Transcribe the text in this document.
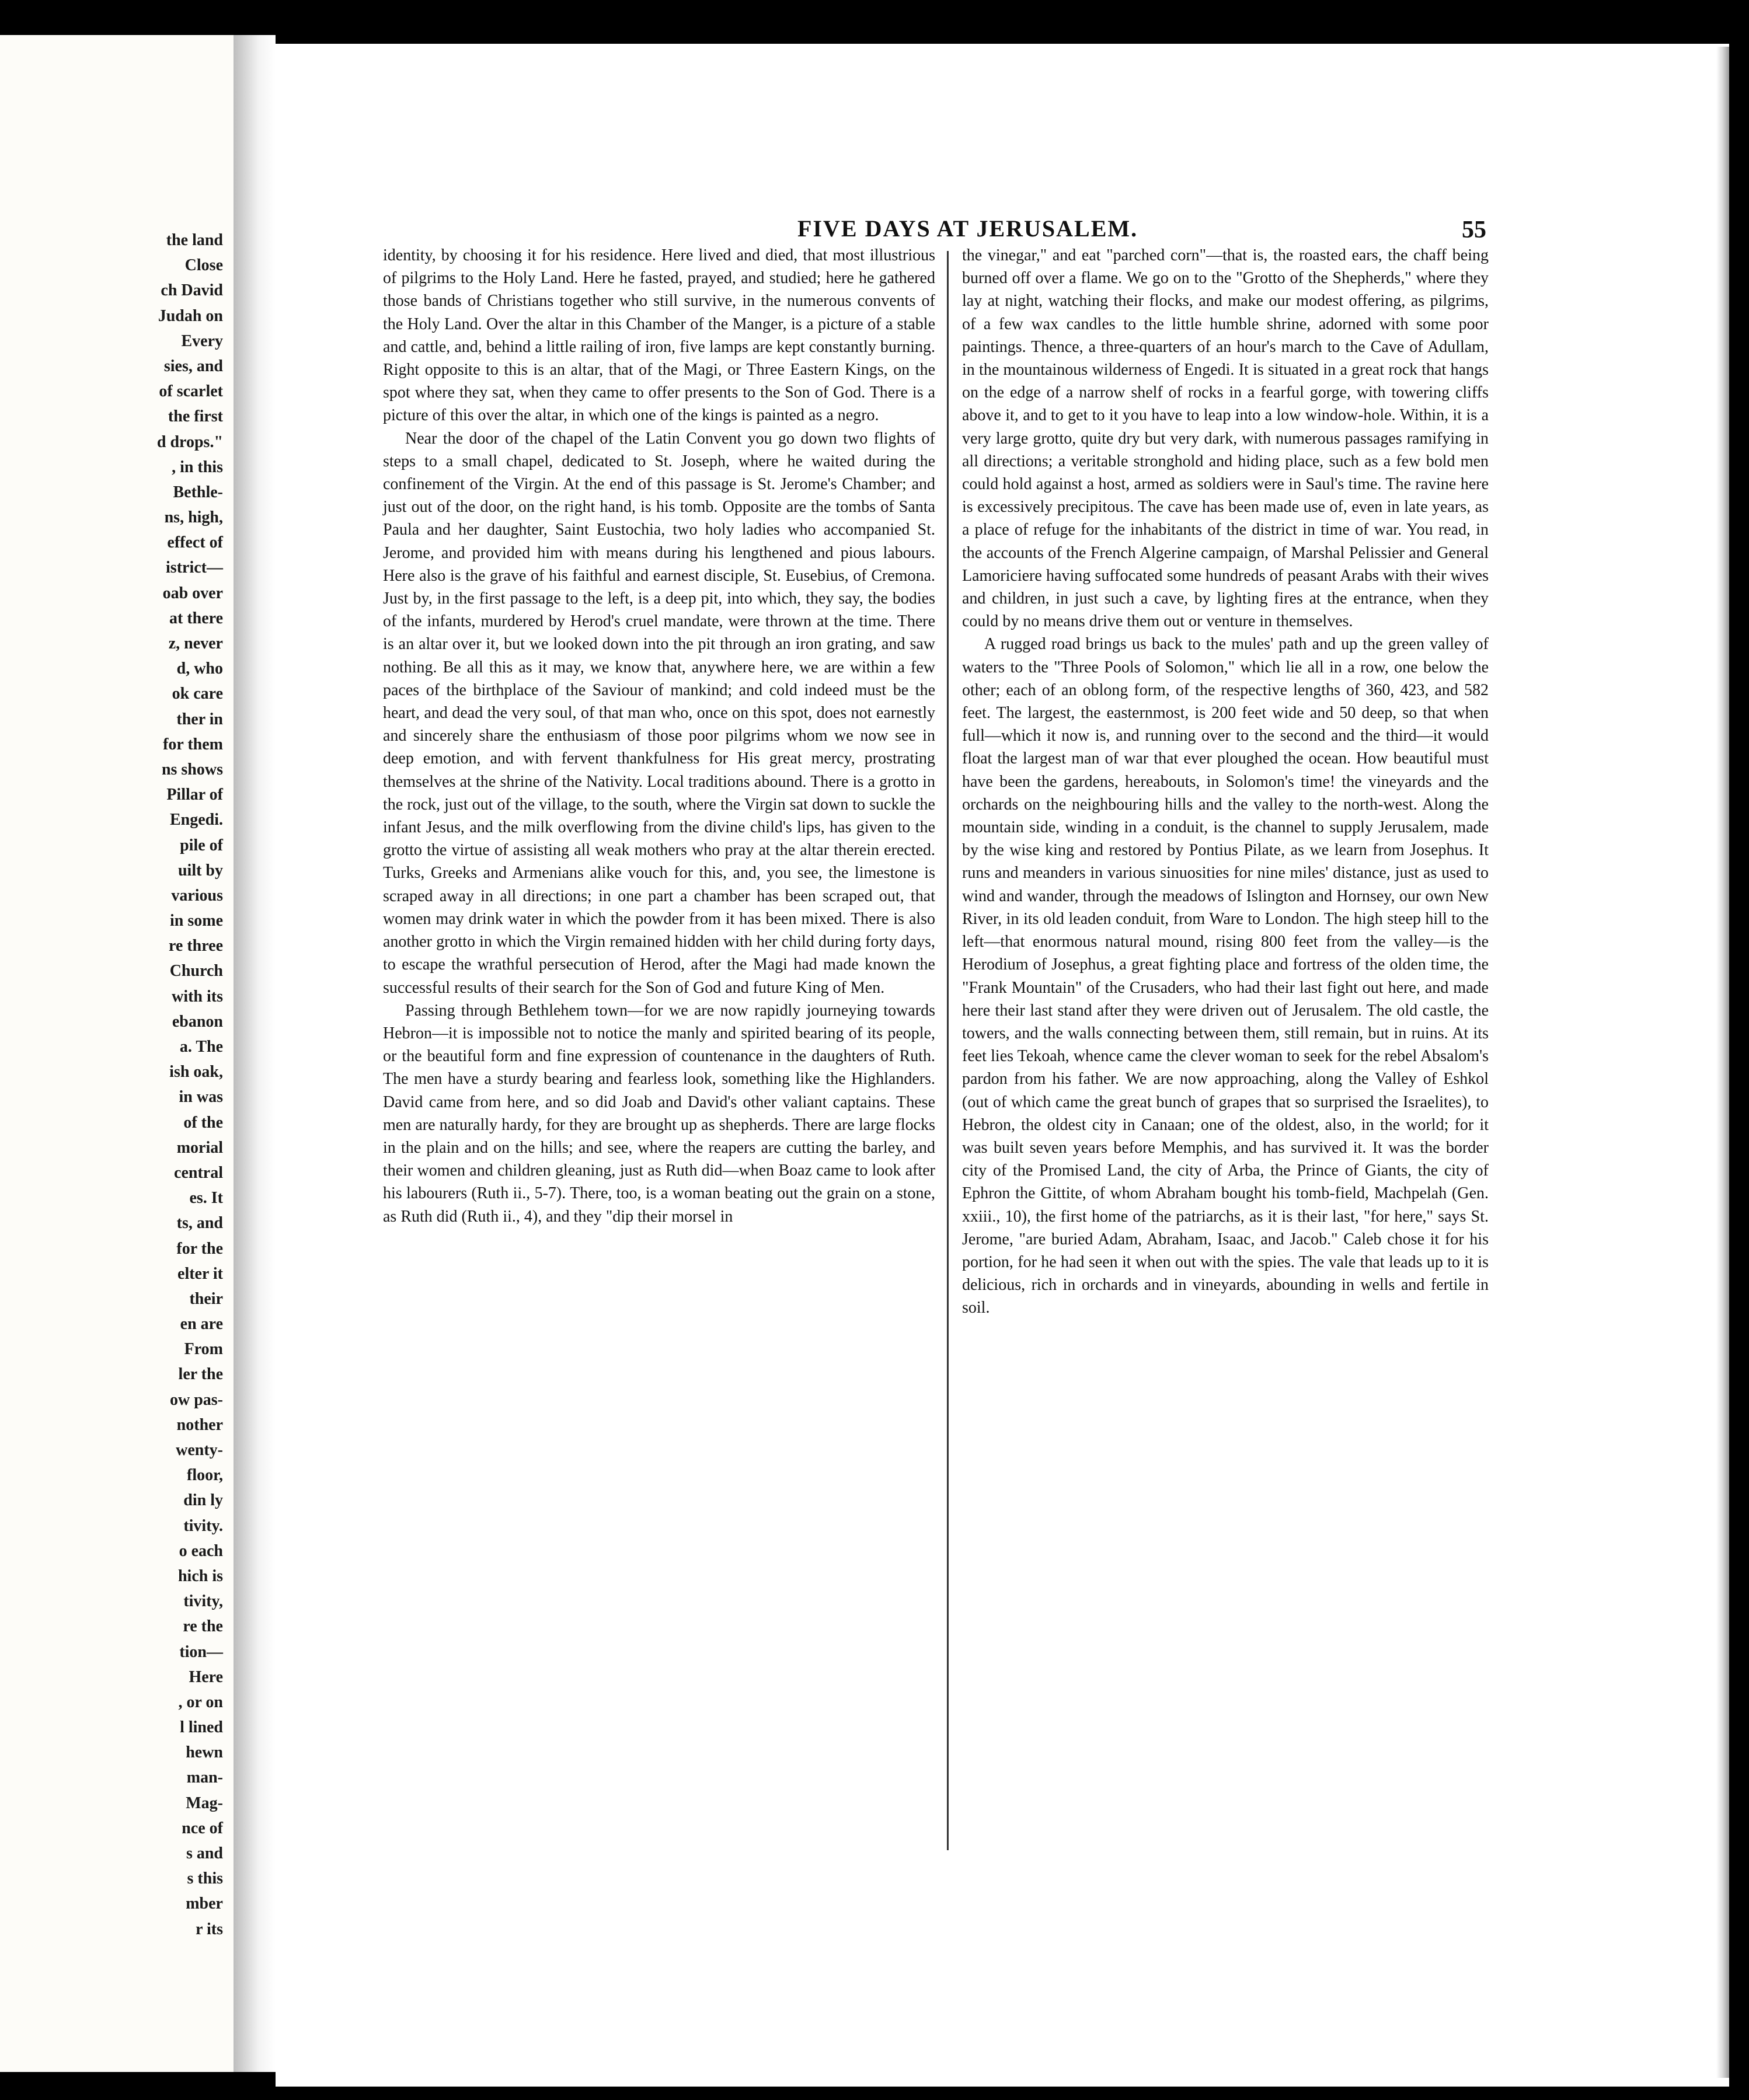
the land
Close
ch David
Judah on
Every
sies, and
of scarlet
the first
d drops."
, in this
Bethle-
ns, high,
effect of
istrict—
oab over
at there
z, never
d, who
ok care
ther in
for them
ns shows
Pillar of
Engedi.
pile of
uilt by
various
in some
re three
Church
with its
ebanon
a. The
ish oak,
in was
of the
morial
central
es. It
ts, and
for the
elter it
their
en are
From
ler the
ow pas-
nother
wenty-
floor,
din ly
tivity.
o each
hich is
tivity,
re the
tion—
Here
, or on
l lined
hewn
man-
Mag-
nce of
s and
s this
mber
r its
FIVE DAYS AT JERUSALEM.	55

identity, by choosing it for his residence. Here lived and died, that most illustrious of pilgrims to the Holy Land. Here he fasted, prayed, and studied; here he gathered those bands of Christians together who still survive, in the numerous convents of the Holy Land. Over the altar in this Chamber of the Manger, is a picture of a stable and cattle, and, behind a little railing of iron, five lamps are kept constantly burning. Right opposite to this is an altar, that of the Magi, or Three Eastern Kings, on the spot where they sat, when they came to offer presents to the Son of God. There is a picture of this over the altar, in which one of the kings is painted as a negro.

Near the door of the chapel of the Latin Convent you go down two flights of steps to a small chapel, dedicated to St. Joseph, where he waited during the confinement of the Virgin. At the end of this passage is St. Jerome's Chamber; and just out of the door, on the right hand, is his tomb. Opposite are the tombs of Santa Paula and her daughter, Saint Eustochia, two holy ladies who accompanied St. Jerome, and provided him with means during his lengthened and pious labours. Here also is the grave of his faithful and earnest disciple, St. Eusebius, of Cremona. Just by, in the first passage to the left, is a deep pit, into which, they say, the bodies of the infants, murdered by Herod's cruel mandate, were thrown at the time. There is an altar over it, but we looked down into the pit through an iron grating, and saw nothing. Be all this as it may, we know that, anywhere here, we are within a few paces of the birthplace of the Saviour of mankind; and cold indeed must be the heart, and dead the very soul, of that man who, once on this spot, does not earnestly and sincerely share the enthusiasm of those poor pilgrims whom we now see in deep emotion, and with fervent thankfulness for His great mercy, prostrating themselves at the shrine of the Nativity. Local traditions abound. There is a grotto in the rock, just out of the village, to the south, where the Virgin sat down to suckle the infant Jesus, and the milk overflowing from the divine child's lips, has given to the grotto the virtue of assisting all weak mothers who pray at the altar therein erected. Turks, Greeks and Armenians alike vouch for this, and, you see, the limestone is scraped away in all directions; in one part a chamber has been scraped out, that women may drink water in which the powder from it has been mixed. There is also another grotto in which the Virgin remained hidden with her child during forty days, to escape the wrathful persecution of Herod, after the Magi had made known the successful results of their search for the Son of God and future King of Men.

Passing through Bethlehem town—for we are now rapidly journeying towards Hebron—it is impossible not to notice the manly and spirited bearing of its people, or the beautiful form and fine expression of countenance in the daughters of Ruth. The men have a sturdy bearing and fearless look, something like the Highlanders. David came from here, and so did Joab and David's other valiant captains. These men are naturally hardy, for they are brought up as shepherds. There are large flocks in the plain and on the hills; and see, where the reapers are cutting the barley, and their women and children gleaning, just as Ruth did—when Boaz came to look after his labourers (Ruth ii., 5-7). There, too, is a woman beating out the grain on a stone, as Ruth did (Ruth ii., 4), and they "dip their morsel in

the vinegar," and eat "parched corn"—that is, the roasted ears, the chaff being burned off over a flame. We go on to the "Grotto of the Shepherds," where they lay at night, watching their flocks, and make our modest offering, as pilgrims, of a few wax candles to the little humble shrine, adorned with some poor paintings. Thence, a three-quarters of an hour's march to the Cave of Adullam, in the mountainous wilderness of Engedi. It is situated in a great rock that hangs on the edge of a narrow shelf of rocks in a fearful gorge, with towering cliffs above it, and to get to it you have to leap into a low window-hole. Within, it is a very large grotto, quite dry but very dark, with numerous passages ramifying in all directions; a veritable stronghold and hiding place, such as a few bold men could hold against a host, armed as soldiers were in Saul's time. The ravine here is excessively precipitous. The cave has been made use of, even in late years, as a place of refuge for the inhabitants of the district in time of war. You read, in the accounts of the French Algerine campaign, of Marshal Pelissier and General Lamoriciere having suffocated some hundreds of peasant Arabs with their wives and children, in just such a cave, by lighting fires at the entrance, when they could by no means drive them out or venture in themselves.

A rugged road brings us back to the mules' path and up the green valley of waters to the "Three Pools of Solomon," which lie all in a row, one below the other; each of an oblong form, of the respective lengths of 360, 423, and 582 feet. The largest, the easternmost, is 200 feet wide and 50 deep, so that when full—which it now is, and running over to the second and the third—it would float the largest man of war that ever ploughed the ocean. How beautiful must have been the gardens, hereabouts, in Solomon's time! the vineyards and the orchards on the neighbouring hills and the valley to the north-west. Along the mountain side, winding in a conduit, is the channel to supply Jerusalem, made by the wise king and restored by Pontius Pilate, as we learn from Josephus. It runs and meanders in various sinuosities for nine miles' distance, just as used to wind and wander, through the meadows of Islington and Hornsey, our own New River, in its old leaden conduit, from Ware to London. The high steep hill to the left—that enormous natural mound, rising 800 feet from the valley—is the Herodium of Josephus, a great fighting place and fortress of the olden time, the "Frank Mountain" of the Crusaders, who had their last fight out here, and made here their last stand after they were driven out of Jerusalem. The old castle, the towers, and the walls connecting between them, still remain, but in ruins. At its feet lies Tekoah, whence came the clever woman to seek for the rebel Absalom's pardon from his father. We are now approaching, along the Valley of Eshkol (out of which came the great bunch of grapes that so surprised the Israelites), to Hebron, the oldest city in Canaan; one of the oldest, also, in the world; for it was built seven years before Memphis, and has survived it. It was the border city of the Promised Land, the city of Arba, the Prince of Giants, the city of Ephron the Gittite, of whom Abraham bought his tomb-field, Machpelah (Gen. xxiii., 10), the first home of the patriarchs, as it is their last, "for here," says St. Jerome, "are buried Adam, Abraham, Isaac, and Jacob." Caleb chose it for his portion, for he had seen it when out with the spies. The vale that leads up to it is delicious, rich in orchards and in vineyards, abounding in wells and fertile in soil.
